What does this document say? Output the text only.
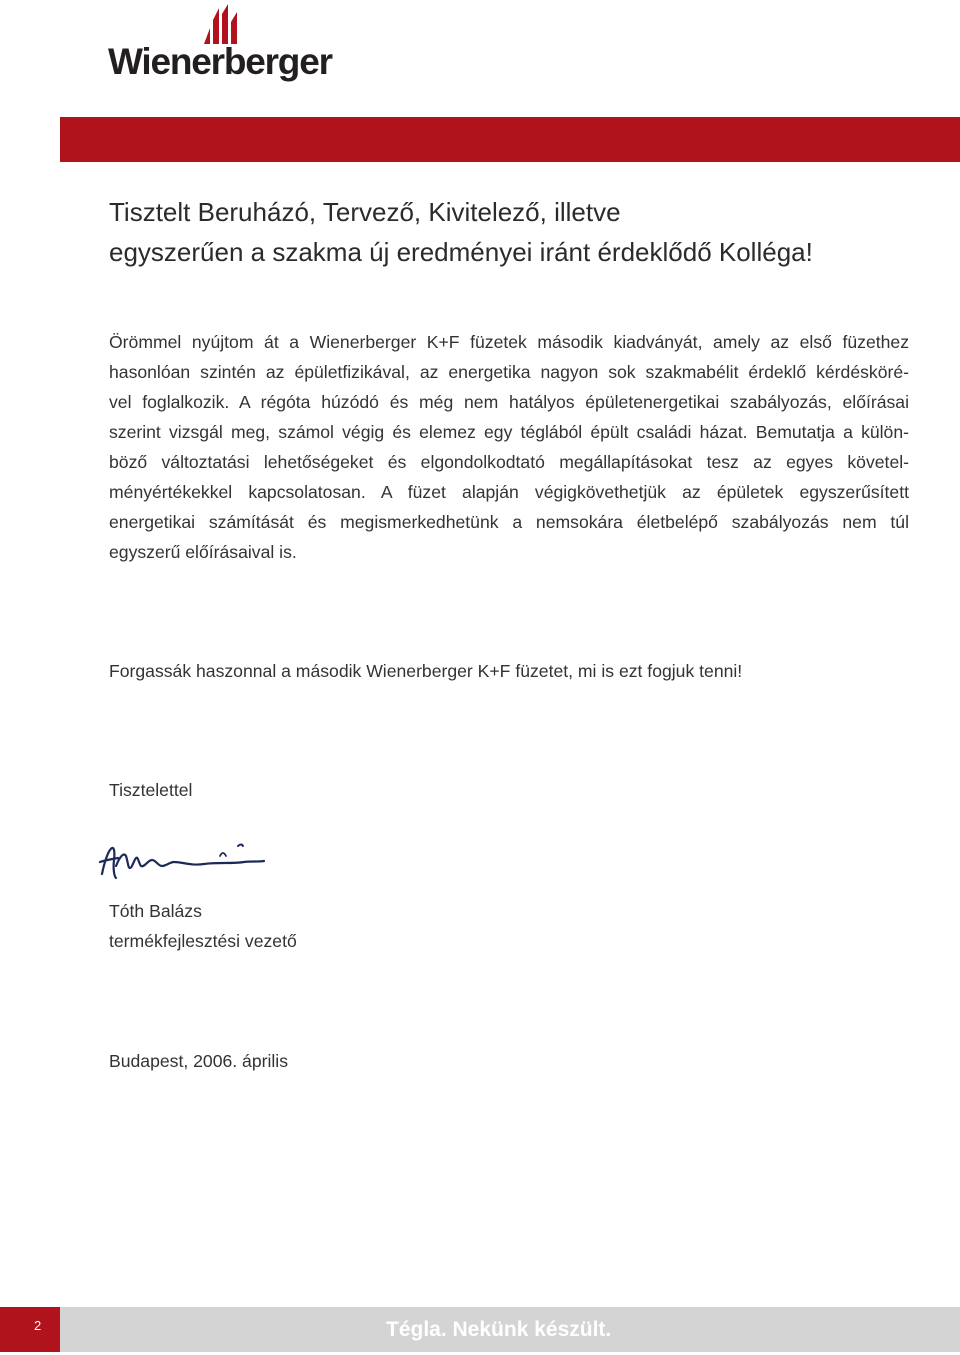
Wienerberger
Tisztelt Beruházó, Tervező, Kivitelező, illetve
egyszerűen a szakma új eredményei iránt érdeklődő Kolléga!
Örömmel nyújtom át a Wienerberger K+F füzetek második kiadványát, amely az első füzethez
hasonlóan szintén az épületfizikával, az energetika nagyon sok szakmabélit érdeklő kérdésköré-
vel foglalkozik. A régóta húzódó és még nem hatályos épületenergetikai szabályozás, előírásai
szerint vizsgál meg, számol végig és elemez egy téglából épült családi házat. Bemutatja a külön-
böző változtatási lehetőségeket és elgondolkodtató megállapításokat tesz az egyes követel-
ményértékekkel kapcsolatosan. A füzet alapján végigkövethetjük az épületek egyszerűsített
energetikai számítását és megismerkedhetünk a nemsokára életbelépő szabályozás nem túl
egyszerű előírásaival is.
Forgassák haszonnal a második Wienerberger K+F füzetet, mi is ezt fogjuk tenni!
Tisztelettel
Tóth Balázs
termékfejlesztési vezető
Budapest, 2006. április
2	Tégla. Nekünk készült.
